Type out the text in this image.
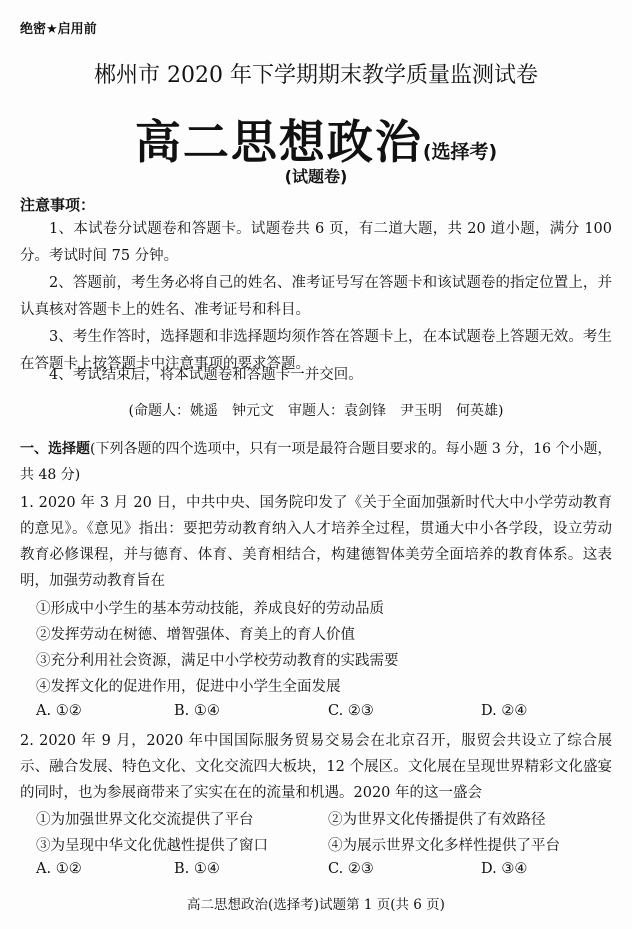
绝密★启用前
郴州市 2020 年下学期期末教学质量监测试卷
高二思想政治(选择考)
(试题卷)
注意事项：
1、本试卷分试题卷和答题卡。试题卷共 6 页，有二道大题，共 20 道小题，满分 100 分。考试时间 75 分钟。
2、答题前，考生务必将自己的姓名、准考证号写在答题卡和该试题卷的指定位置上，并认真核对答题卡上的姓名、准考证号和科目。
3、考生作答时，选择题和非选择题均须作答在答题卡上，在本试题卷上答题无效。考生在答题卡上按答题卡中注意事项的要求答题。
4、考试结束后，将本试题卷和答题卡一并交回。
(命题人：姚遥　钟元文　审题人：袁剑锋　尹玉明　何英雄)
一、选择题(下列各题的四个选项中，只有一项是最符合题目要求的。每小题 3 分，16 个小题，共 48 分)
1. 2020 年 3 月 20 日，中共中央、国务院印发了《关于全面加强新时代大中小学劳动教育的意见》。《意见》指出：要把劳动教育纳入人才培养全过程，贯通大中小各学段，设立劳动教育必修课程，并与德育、体育、美育相结合，构建德智体美劳全面培养的教育体系。这表明，加强劳动教育旨在
①形成中小学生的基本劳动技能，养成良好的劳动品质
②发挥劳动在树德、增智强体、育美上的育人价值
③充分利用社会资源，满足中小学校劳动教育的实践需要
④发挥文化的促进作用，促进中小学生全面发展
A. ①②	B. ①④	C. ②③	D. ②④
2. 2020 年 9 月，2020 年中国国际服务贸易交易会在北京召开，服贸会共设立了综合展示、融合发展、特色文化、文化交流四大板块，12 个展区。文化展在呈现世界精彩文化盛宴的同时，也为参展商带来了实实在在的流量和机遇。2020 年的这一盛会
①为加强世界文化交流提供了平台	②为世界文化传播提供了有效路径
③为呈现中华文化优越性提供了窗口	④为展示世界文化多样性提供了平台
A. ①②	B. ①④	C. ②③	D. ③④
高二思想政治(选择考)试题第 1 页(共 6 页)
